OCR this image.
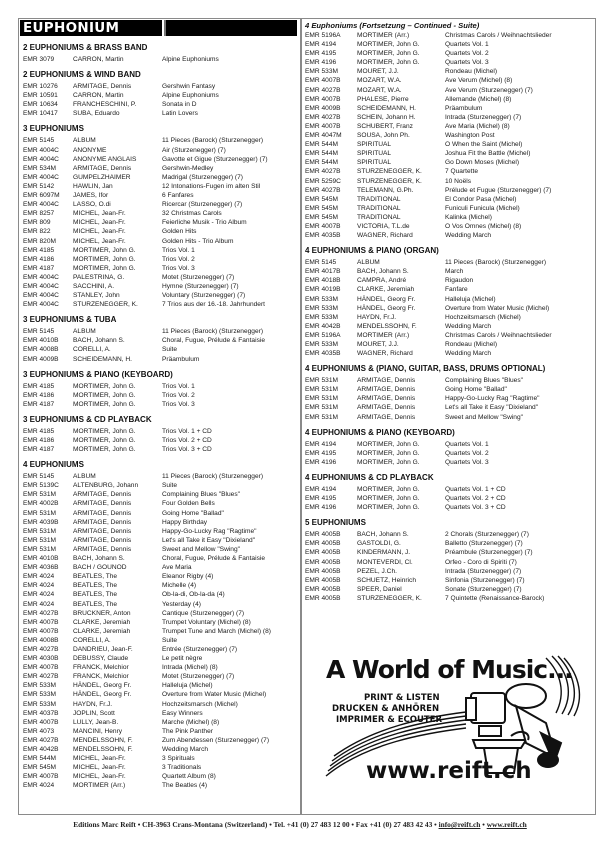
EUPHONIUM
2 EUPHONIUMS & BRASS BAND
EMR 3079	CARRON, Martin	Alpine Euphoniums
2 EUPHONIUMS & WIND BAND
EMR 10276	ARMITAGE, Dennis	Gershwin Fantasy
EMR 10591	CARRON, Martin	Alpine Euphoniums
EMR 10634	FRANCHESCHINI, P.	Sonata in D
EMR 10417	SUBA, Eduardo	Latin Lovers
3 EUPHONIUMS
EMR 5145	ALBUM	11 Pieces (Barock) (Sturzenegger)
EMR 4004C	ANONYME	Air (Sturzenegger) (7)
EMR 4004C	ANONYME ANGLAIS	Gavotte et Gigue (Sturzenegger) (7)
EMR 534M	ARMITAGE, Dennis	Gershwin-Medley
EMR 4004C	GUMPELZHAIMER	Madrigal (Sturzenegger) (7)
EMR 5142	HAWLIN, Jan	12 Intonations-Fugen im alten Stil
EMR 6097M	JAMES, Ifor	6 Fanfares
EMR 4004C	LASSO, O.di	Ricercar (Sturzenegger) (7)
EMR 8257	MICHEL, Jean-Fr.	32 Christmas Carols
EMR 809	MICHEL, Jean-Fr.	Feierliche Musik - Trio Album
EMR 822	MICHEL, Jean-Fr.	Golden Hits
EMR 820M	MICHEL, Jean-Fr.	Golden Hits - Trio Album
EMR 4185	MORTIMER, John G.	Trios Vol. 1
EMR 4186	MORTIMER, John G.	Trios Vol. 2
EMR 4187	MORTIMER, John G.	Trios Vol. 3
EMR 4004C	PALESTRINA, G.	Motet (Sturzenegger) (7)
EMR 4004C	SACCHINI, A.	Hymne (Sturzenegger) (7)
EMR 4004C	STANLEY, John	Voluntary (Sturzenegger) (7)
EMR 4004C	STURZENEGGER, K.	7 Trios aus der 16.-18. Jahrhundert
3 EUPHONIUMS & TUBA
EMR 5145	ALBUM	11 Pieces (Barock) (Sturzenegger)
EMR 4010B	BACH, Johann S.	Choral, Fugue, Prélude & Fantaisie
EMR 4008B	CORELLI, A.	Suite
EMR 4009B	SCHEIDEMANN, H.	Präambulum
3 EUPHONIUMS & PIANO (KEYBOARD)
EMR 4185	MORTIMER, John G.	Trios Vol. 1
EMR 4186	MORTIMER, John G.	Trios Vol. 2
EMR 4187	MORTIMER, John G.	Trios Vol. 3
3 EUPHONIUMS & CD PLAYBACK
EMR 4185	MORTIMER, John G.	Trios Vol. 1 + CD
EMR 4186	MORTIMER, John G.	Trios Vol. 2 + CD
EMR 4187	MORTIMER, John G.	Trios Vol. 3 + CD
4 EUPHONIUMS
EMR 5145	ALBUM	11 Pieces (Barock) (Sturzenegger)
EMR 5139C	ALTENBURG, Johann	Suite
EMR 531M	ARMITAGE, Dennis	Complaining Blues "Blues"
EMR 4002B	ARMITAGE, Dennis	Four Golden Bells
EMR 531M	ARMITAGE, Dennis	Going Home "Ballad"
EMR 4039B	ARMITAGE, Dennis	Happy Birthday
EMR 531M	ARMITAGE, Dennis	Happy-Go-Lucky Rag "Ragtime"
EMR 531M	ARMITAGE, Dennis	Let's all Take it Easy "Dixieland"
EMR 531M	ARMITAGE, Dennis	Sweet and Mellow "Swing"
EMR 4010B	BACH, Johann S.	Choral, Fugue, Prélude & Fantaisie
EMR 4036B	BACH / GOUNOD	Ave Maria
EMR 4024	BEATLES, The	Eleanor Rigby (4)
EMR 4024	BEATLES, The	Michelle (4)
EMR 4024	BEATLES, The	Ob-la-di, Ob-la-da (4)
EMR 4024	BEATLES, The	Yesterday (4)
EMR 4027B	BRUCKNER, Anton	Cantique (Sturzenegger) (7)
EMR 4007B	CLARKE, Jeremiah	Trumpet Voluntary (Michel) (8)
EMR 4007B	CLARKE, Jeremiah	Trumpet Tune and March (Michel) (8)
EMR 4008B	CORELLI, A.	Suite
EMR 4027B	DANDRIEU, Jean-F.	Entrée (Sturzenegger) (7)
EMR 4030B	DEBUSSY, Claude	Le petit nègre
EMR 4007B	FRANCK, Melchior	Intrada (Michel) (8)
EMR 4027B	FRANCK, Melchior	Motet (Sturzenegger) (7)
EMR 533M	HÄNDEL, Georg Fr.	Halleluja (Michel)
EMR 533M	HÄNDEL, Georg Fr.	Overture from Water Music (Michel)
EMR 533M	HAYDN, Fr.J.	Hochzeitsmarsch (Michel)
EMR 4037B	JOPLIN, Scott	Easy Winners
EMR 4007B	LULLY, Jean-B.	Marche (Michel) (8)
EMR 4073	MANCINI, Henry	The Pink Panther
EMR 4027B	MENDELSSOHN, F.	Zum Abendessen (Sturzenegger) (7)
EMR 4042B	MENDELSSOHN, F.	Wedding March
EMR 544M	MICHEL, Jean-Fr.	3 Spirituals
EMR 545M	MICHEL, Jean-Fr.	3 Traditionals
EMR 4007B	MICHEL, Jean-Fr.	Quartett Album (8)
EMR 4024	MORTIMER (Arr.)	The Beatles (4)
4 Euphoniums (Fortsetzung – Continued - Suite)
EMR 5196A	MORTIMER (Arr.)	Christmas Carols / Weihnachtslieder
EMR 4194	MORTIMER, John G.	Quartets Vol. 1
EMR 4195	MORTIMER, John G.	Quartets Vol. 2
EMR 4196	MORTIMER, John G.	Quartets Vol. 3
EMR 533M	MOURET, J.J.	Rondeau (Michel)
EMR 4007B	MOZART, W.A.	Ave Verum (Michel) (8)
EMR 4027B	MOZART, W.A.	Ave Verum (Sturzenegger) (7)
EMR 4007B	PHALESE, Pierre	Allemande (Michel) (8)
EMR 4009B	SCHEIDEMANN, H.	Präambulum
EMR 4027B	SCHEIN, Johann H.	Intrada (Sturzenegger) (7)
EMR 4007B	SCHUBERT, Franz	Ave Maria (Michel) (8)
EMR 4047M	SOUSA, John Ph.	Washington Post
EMR 544M	SPIRITUAL	O When the Saint (Michel)
EMR 544M	SPIRITUAL	Joshua Fit the Battle (Michel)
EMR 544M	SPIRITUAL	Go Down Moses (Michel)
EMR 4027B	STURZENEGGER, K.	7 Quartette
EMR 5259C	STURZENEGGER, K.	10 Noëls
EMR 4027B	TELEMANN, G.Ph.	Prélude et Fugue (Sturzenegger) (7)
EMR 545M	TRADITIONAL	El Condor Pasa (Michel)
EMR 545M	TRADITIONAL	Funiculi Funicula (Michel)
EMR 545M	TRADITIONAL	Kalinka (Michel)
EMR 4007B	VICTORIA, T.L.de	O Vos Omnes (Michel) (8)
EMR 4035B	WAGNER, Richard	Wedding March
4 EUPHONIUMS & PIANO (ORGAN)
EMR 5145	ALBUM	11 Pieces (Barock) (Sturzenegger)
EMR 4017B	BACH, Johann S.	March
EMR 4018B	CAMPRA, André	Rigaudon
EMR 4019B	CLARKE, Jeremiah	Fanfare
EMR 533M	HÄNDEL, Georg Fr.	Halleluja (Michel)
EMR 533M	HÄNDEL, Georg Fr.	Overture from Water Music (Michel)
EMR 533M	HAYDN, Fr.J.	Hochzeitsmarsch (Michel)
EMR 4042B	MENDELSSOHN, F.	Wedding March
EMR 5196A	MORTIMER (Arr.)	Christmas Carols / Weihnachtslieder
EMR 533M	MOURET, J.J.	Rondeau (Michel)
EMR 4035B	WAGNER, Richard	Wedding March
4 EUPHONIUMS & (PIANO, GUITAR, BASS, DRUMS OPTIONAL)
EMR 531M	ARMITAGE, Dennis	Complaining Blues "Blues"
EMR 531M	ARMITAGE, Dennis	Going Home "Ballad"
EMR 531M	ARMITAGE, Dennis	Happy-Go-Lucky Rag "Ragtime"
EMR 531M	ARMITAGE, Dennis	Let's all Take it Easy "Dixieland"
EMR 531M	ARMITAGE, Dennis	Sweet and Mellow "Swing"
4 EUPHONIUMS & PIANO (KEYBOARD)
EMR 4194	MORTIMER, John G.	Quartets Vol. 1
EMR 4195	MORTIMER, John G.	Quartets Vol. 2
EMR 4196	MORTIMER, John G.	Quartets Vol. 3
4 EUPHONIUMS & CD PLAYBACK
EMR 4194	MORTIMER, John G.	Quartets Vol. 1 + CD
EMR 4195	MORTIMER, John G.	Quartets Vol. 2 + CD
EMR 4196	MORTIMER, John G.	Quartets Vol. 3 + CD
5 EUPHONIUMS
EMR 4005B	BACH, Johann S.	2 Chorals (Sturzenegger) (7)
EMR 4005B	GASTOLDI, G.	Balletto (Sturzenegger) (7)
EMR 4005B	KINDERMANN, J.	Préambule (Sturzenegger) (7)
EMR 4005B	MONTEVERDI, Cl.	Orfeo - Coro di Spiriti (7)
EMR 4005B	PEZEL, J.Ch.	Intrada (Sturzenegger) (7)
EMR 4005B	SCHUETZ, Heinrich	Sinfonia (Sturzenegger) (7)
EMR 4005B	SPEER, Daniel	Sonate (Sturzenegger) (7)
EMR 4005B	STURZENEGGER, K.	7 Quintette (Renaissance-Barock)
A World of Music...
PRINT & LISTEN
DRUCKEN & ANHÖREN
IMPRIMER & ECOUTER
www.reift.ch
Editions Marc Reift • CH-3963 Crans-Montana (Switzerland) • Tel. +41 (0) 27 483 12 00 • Fax +41 (0) 27 483 42 43 • info@reift.ch • www.reift.ch
